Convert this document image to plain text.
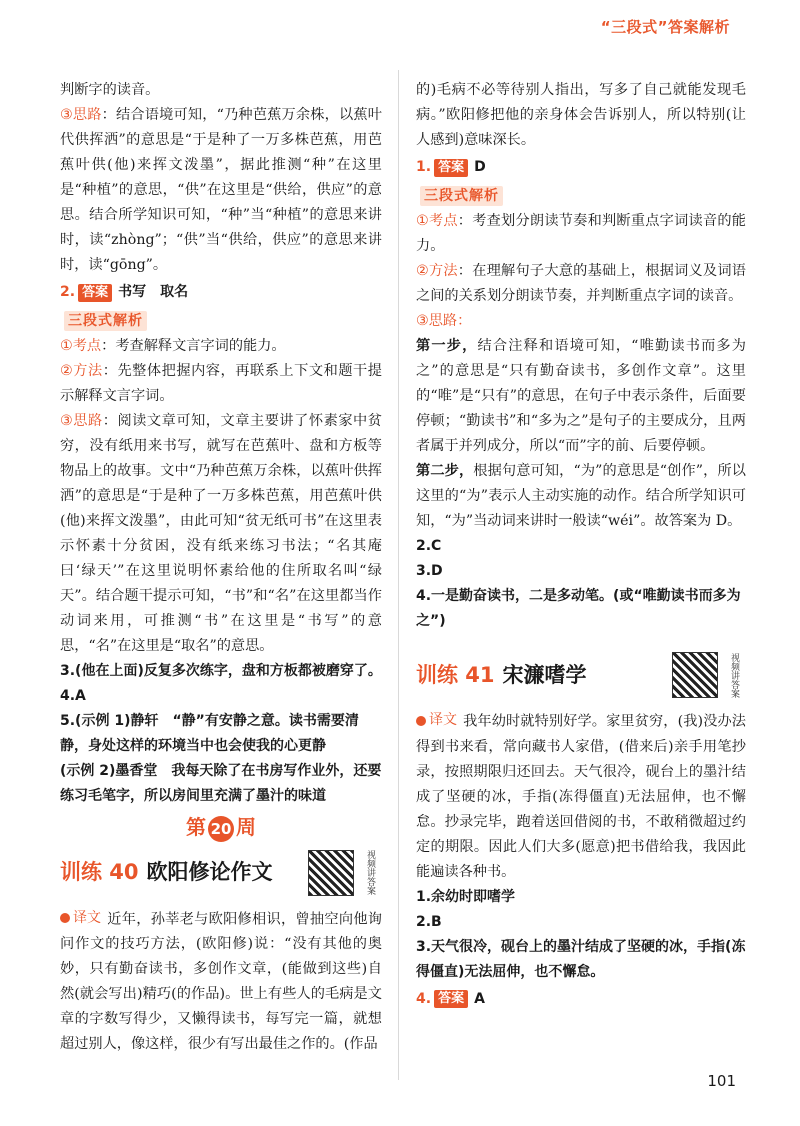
“三段式”答案解析

判断字的读音。

③思路：结合语境可知，“乃种芭蕉万余株，以蕉叶代供挥洒”的意思是“于是种了一万多株芭蕉，用芭蕉叶供(他)来挥文泼墨”，据此推测“种”在这里是“种植”的意思，“供”在这里是“供给，供应”的意思。结合所学知识可知，“种”当“种植”的意思来讲时，读“zhòng”；“供”当“供给，供应”的意思来讲时，读“gōng”。

2. 答案 书写　取名
三段式解析

①考点：考查解释文言字词的能力。

②方法：先整体把握内容，再联系上下文和题干提示解释文言字词。

③思路：阅读文章可知，文章主要讲了怀素家中贫穷，没有纸用来书写，就写在芭蕉叶、盘和方板等物品上的故事。文中“乃种芭蕉万余株，以蕉叶供挥洒”的意思是“于是种了一万多株芭蕉，用芭蕉叶供(他)来挥文泼墨”，由此可知“贫无纸可书”在这里表示怀素十分贫困，没有纸来练习书法；“名其庵曰‘绿天’”在这里说明怀素给他的住所取名叫“绿天”。结合题干提示可知，“书”和“名”在这里都当作动词来用，可推测“书”在这里是“书写”的意思，“名”在这里是“取名”的意思。

3.(他在上面)反复多次练字，盘和方板都被磨穿了。
4.A
5.(示例 1)静轩　“静”有安静之意。读书需要清静，身处这样的环境当中也会使我的心更静
(示例 2)墨香堂　我每天除了在书房写作业外，还要练习毛笔字，所以房间里充满了墨汁的味道
第 20 周
训练 40 欧阳修论作文	视频讲答案

译文 近年，孙莘老与欧阳修相识，曾抽空向他询问作文的技巧方法，(欧阳修)说：“没有其他的奥妙，只有勤奋读书，多创作文章，(能做到这些)自然(就会写出)精巧(的作品)。世上有些人的毛病是文章的字数写得少，又懒得读书，每写完一篇，就想超过别人，像这样，很少有写出最佳之作的。(作品

的)毛病不必等待别人指出，写多了自己就能发现毛病。”欧阳修把他的亲身体会告诉别人，所以特别(让人感到)意味深长。

1. 答案 D
三段式解析

①考点：考查划分朗读节奏和判断重点字词读音的能力。

②方法：在理解句子大意的基础上，根据词义及词语之间的关系划分朗读节奏，并判断重点字词的读音。

③思路：

第一步，结合注释和语境可知，“唯勤读书而多为之”的意思是“只有勤奋读书，多创作文章”。这里的“唯”是“只有”的意思，在句子中表示条件，后面要停顿；“勤读书”和“多为之”是句子的主要成分，且两者属于并列成分，所以“而”字的前、后要停顿。

第二步，根据句意可知，“为”的意思是“创作”，所以这里的“为”表示人主动实施的动作。结合所学知识可知，“为”当动词来讲时一般读“wéi”。故答案为 D。

2.C
3.D
4.一是勤奋读书，二是多动笔。(或“唯勤读书而多为之”)
训练 41 宋濂嗜学	视频讲答案

译文 我年幼时就特别好学。家里贫穷，(我)没办法得到书来看，常向藏书人家借，(借来后)亲手用笔抄录，按照期限归还回去。天气很冷，砚台上的墨汁结成了坚硬的冰，手指(冻得僵直)无法屈伸，也不懈怠。抄录完毕，跑着送回借阅的书，不敢稍微超过约定的期限。因此人们大多(愿意)把书借给我，我因此能遍读各种书。

1.余幼时即嗜学
2.B
3.天气很冷，砚台上的墨汁结成了坚硬的冰，手指(冻得僵直)无法屈伸，也不懈怠。
4. 答案 A
101
